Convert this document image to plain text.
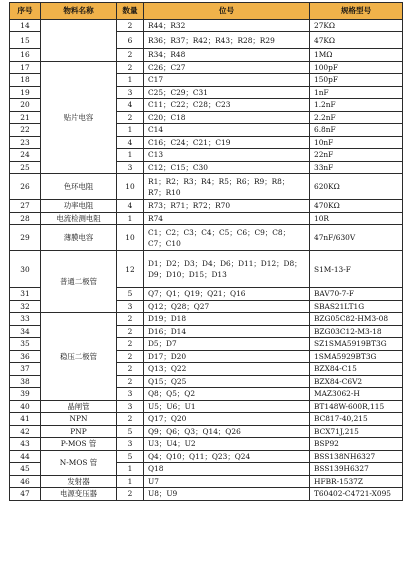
序号	物料名称	数量	位号	规格型号
14		2	R44；R32	27KΩ
15		6	R36；R37；R42；R43；R28；R29	47KΩ
16		2	R34；R48	1MΩ
17	贴片电容	2	C26；C27	100pF
18		1	C17	150pF
19		3	C25；C29；C31	1nF
20		4	C11；C22；C28；C23	1.2nF
21		2	C20；C18	2.2nF
22		1	C14	6.8nF
23		4	C16；C24；C21；C19	10nF
24		1	C13	22nF
25		3	C12；C15；C30	33nF
26	色环电阻	10	R1；R2；R3；R4；R5；R6；R9；R8；R7；R10	620KΩ
27	功率电阻	4	R73；R71；R72；R70	470KΩ
28	电流检测电阻	1	R74	10R
29	薄膜电容	10	C1；C2；C3；C4；C5；C6；C9；C8；C7；C10	47nF/630V
30	普通二极管	12	D1；D2；D3；D4；D6；D11；D12；D8；D9；D10；D15；D13	S1M-13-F
31		5	Q7；Q1；Q19；Q21；Q16	BAV70-7-F
32		3	Q12；Q28；Q27	SBAS21LT1G
33	稳压二极管	2	D19；D18	BZG05C82-HM3-08
34		2	D16；D14	BZG03C12-M3-18
35		2	D5；D7	SZ1SMA5919BT3G
36		2	D17；D20	1SMA5929BT3G
37		2	Q13；Q22	BZX84-C15
38		2	Q15；Q25	BZX84-C6V2
39		3	Q8；Q5；Q2	MAZ3062-H
40	晶闸管	3	U5；U6；U1	BT148W-600R,115
41	NPN	2	Q17；Q20	BC817-40,215
42	PNP	5	Q9；Q6；Q3；Q14；Q26	BCX71J,215
43	P-MOS 管	3	U3；U4；U2	BSP92
44	N-MOS 管	5	Q4；Q10；Q11；Q23；Q24	BSS138NH6327
45		1	Q18	BSS139H6327
46	发射器	1	U7	HFBR-1537Z
47	电源变压器	2	U8；U9	T60402-C4721-X095
